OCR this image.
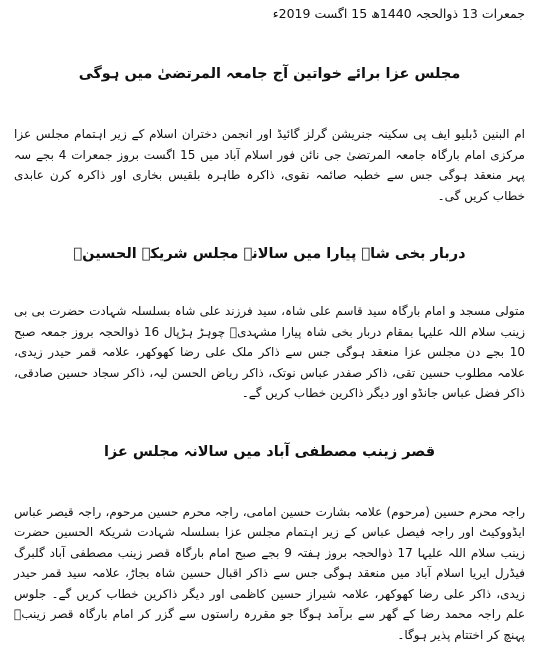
جمعرات 13 ذوالحجہ 1440ھ 15 اگست 2019ء
مجلس عزا برائے خواتین آج جامعہ المرتضیٰ میں ہوگی

ام البنین ڈبلیو ایف پی سکینہ جنریشن گرلز گائیڈ اور انجمن دختران اسلام کے زیر اہتمام مجلس عزا مرکزی امام بارگاہ جامعہ المرتضیٰ جی نائن فور اسلام آباد میں 15 اگست بروز جمعرات 4 بجے سہ پہر منعقد ہوگی جس سے خطبہ صائمہ نقوی، ذاکرہ طاہرہ بلقیس بخاری اور ذاکرہ کرن عابدی خطاب کریں گی۔

دربار بخی شاہ پیارا میں سالانہ مجلس شریکۃ الحسینؑ

متولی مسجد و امام بارگاہ سید قاسم علی شاہ، سید فرزند علی شاہ بسلسلہ شہادت حضرت بی بی زینب سلام اللہ علیہا بمقام دربار بخی شاہ پیارا مشہدیؒ چوہڑ ہڑپال 16 ذوالحجہ بروز جمعہ صبح 10 بجے دن مجلس عزا منعقد ہوگی جس سے ذاکر ملک علی رضا کھوکھر، علامہ قمر حیدر زیدی، علامہ مطلوب حسین تقی، ذاکر صفدر عباس نوتک، ذاکر ریاض الحسن لیہ، ذاکر سجاد حسین صادقی، ذاکر فضل عباس جانڈو اور دیگر ذاکرین خطاب کریں گے۔

قصر زینب مصطفی آباد میں سالانہ مجلس عزا

راجہ محرم حسین (مرحوم) علامہ بشارت حسین امامی، راجہ محرم حسین مرحوم، راجہ قیصر عباس ایڈووکیٹ اور راجہ فیصل عباس کے زیر اہتمام مجلس عزا بسلسلہ شہادت شریکۃ الحسین حضرت زینب سلام اللہ علیہا 17 ذوالحجہ بروز ہفتہ 9 بجے صبح امام بارگاہ قصر زینب مصطفی آباد گلبرگ فیڈرل ایریا اسلام آباد میں منعقد ہوگی جس سے ذاکر اقبال حسین شاہ بجاڑ، علامہ سید قمر حیدر زیدی، ذاکر علی رضا کھوکھر، علامہ شیراز حسین کاظمی اور دیگر ذاکرین خطاب کریں گے۔ جلوس علم راجہ محمد رضا کے گھر سے برآمد ہوگا جو مقررہ راستوں سے گزر کر امام بارگاہ قصر زینبؑ پہنچ کر اختتام پذیر ہوگا۔
